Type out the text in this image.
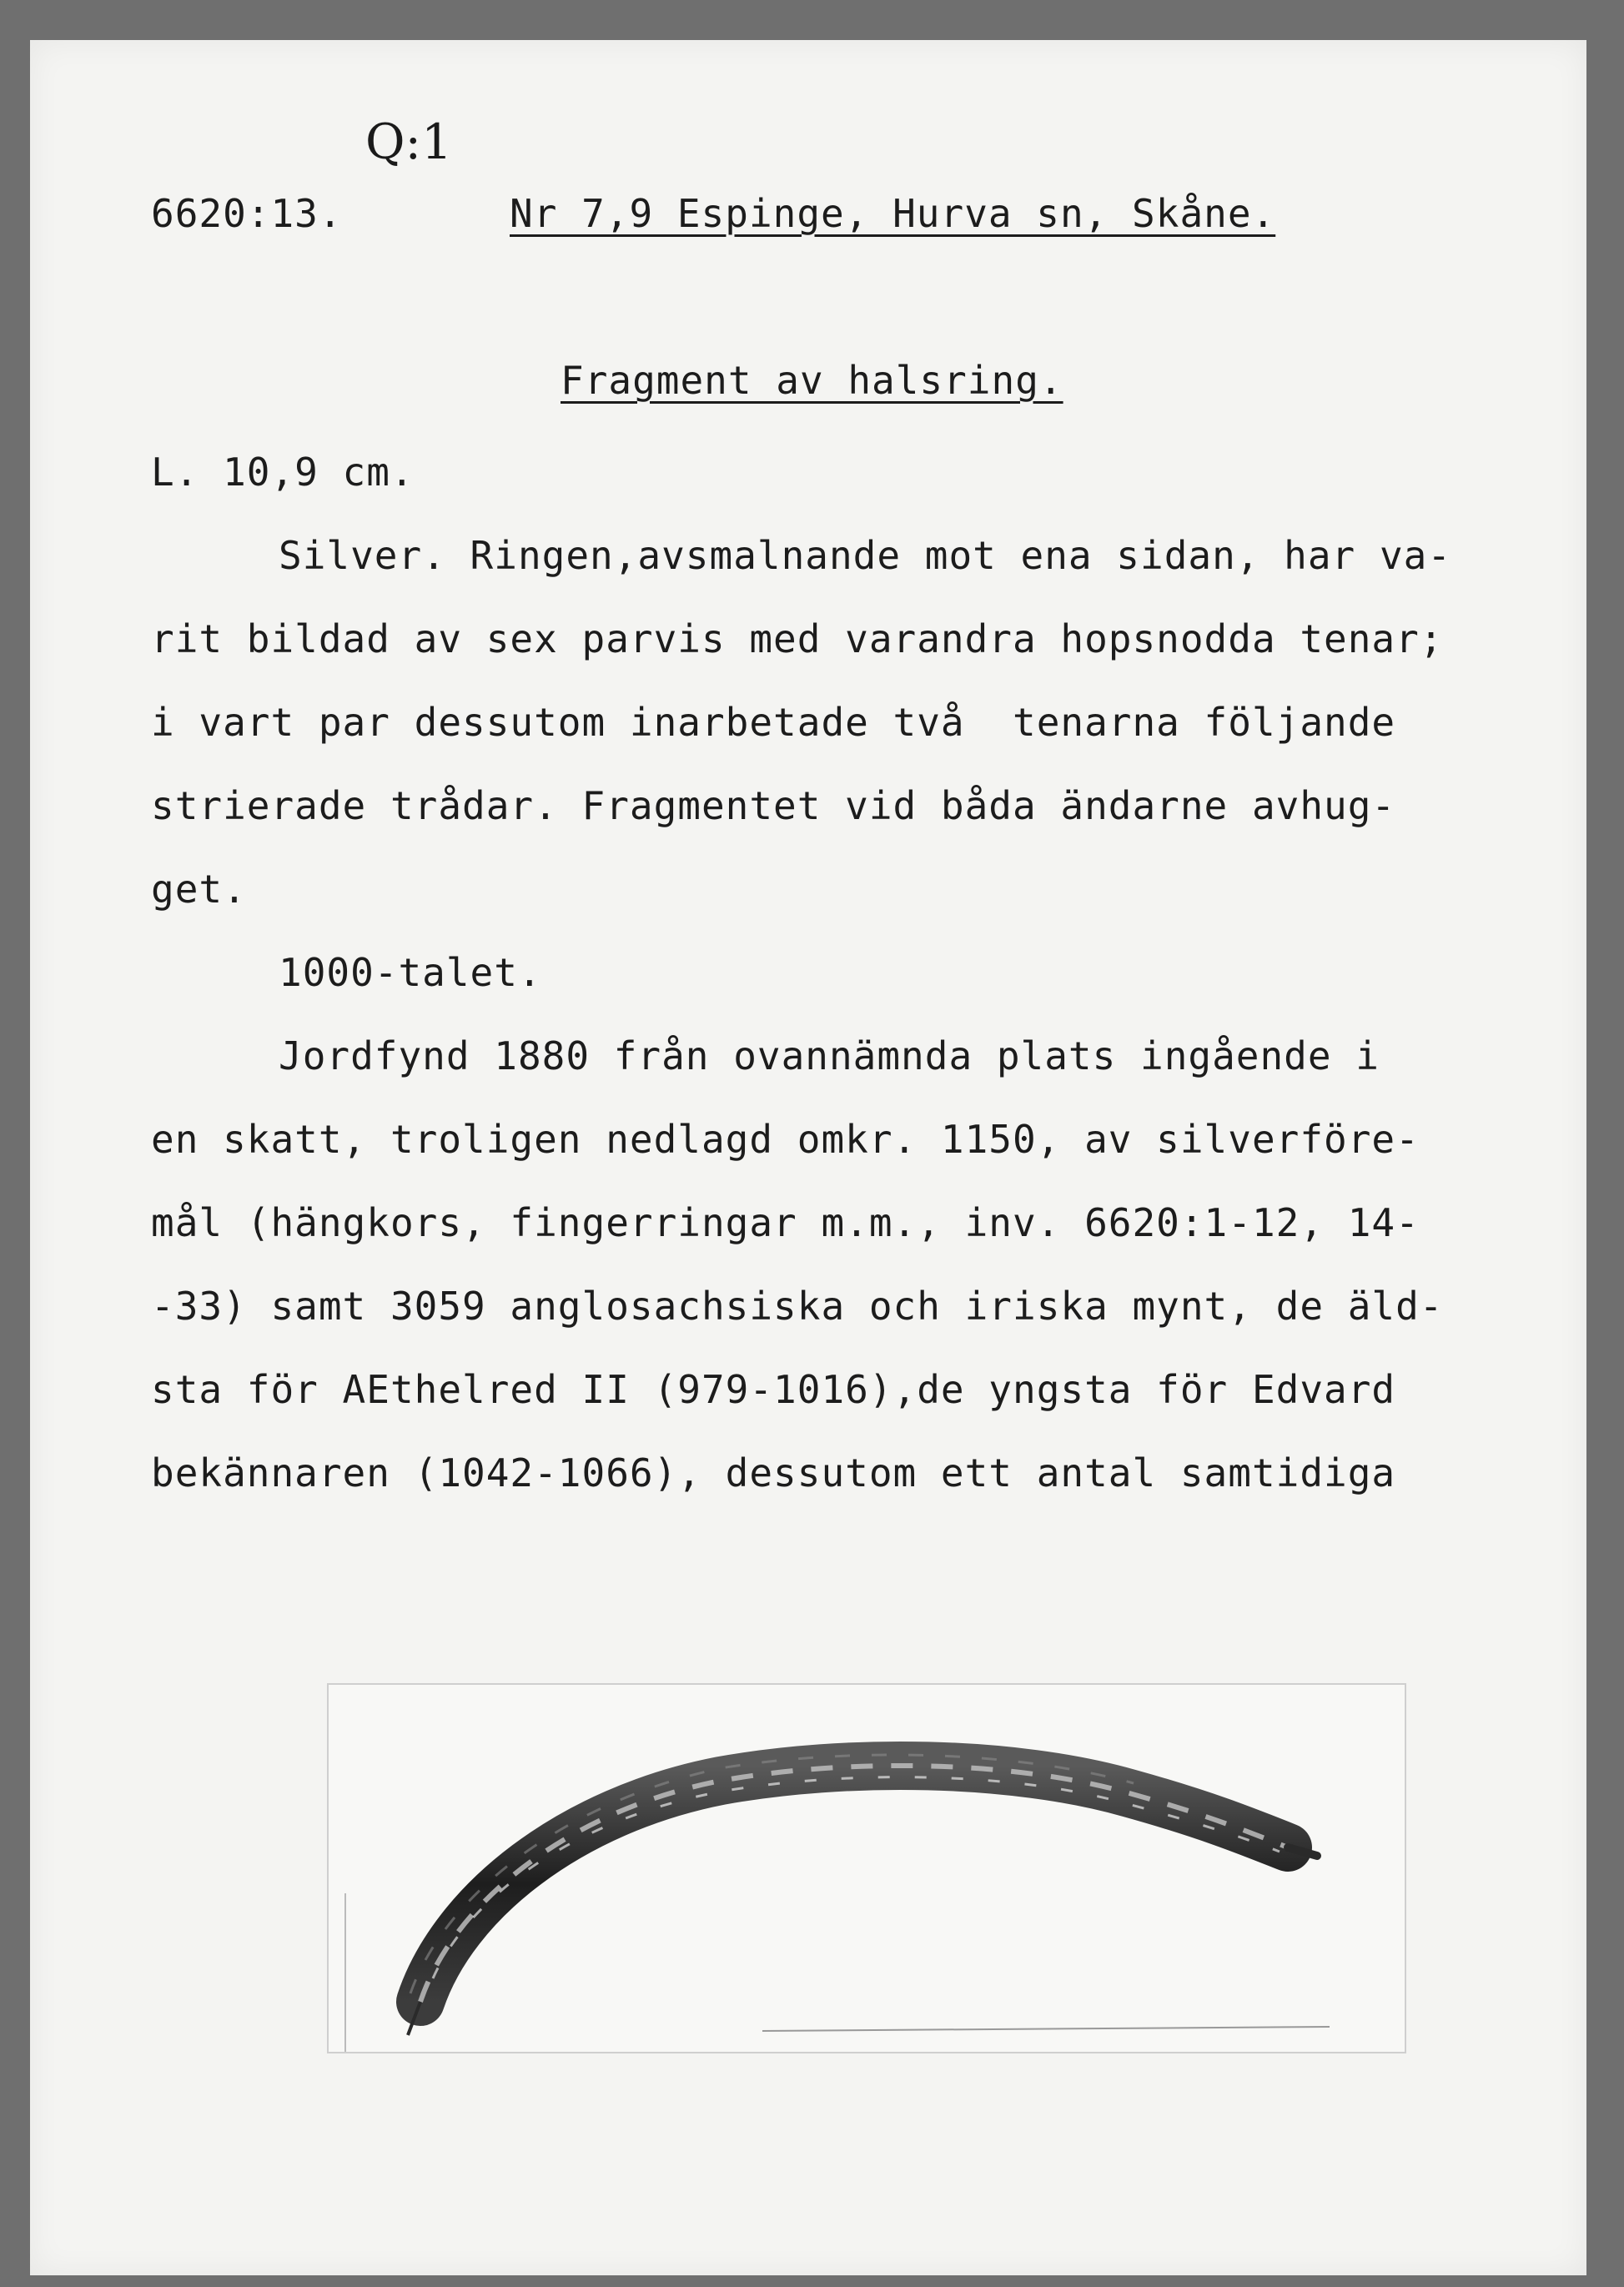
Q:1
6620:13.	Nr 7,9 Espinge, Hurva sn, Skåne.
Fragment av halsring.
L. 10,9 cm.
Silver. Ringen,avsmalnande mot ena sidan, har va-
rit bildad av sex parvis med varandra hopsnodda tenar;
i vart par dessutom inarbetade två  tenarna följande
strierade trådar. Fragmentet vid båda ändarne avhug-
get.
1000-talet.
Jordfynd 1880 från ovannämnda plats ingående i
en skatt, troligen nedlagd omkr. 1150, av silverföre-
mål (hängkors, fingerringar m.m., inv. 6620:1-12, 14-
-33) samt 3059 anglosachsiska och iriska mynt, de äld-
sta för AEthelred II (979-1016),de yngsta för Edvard
bekännaren (1042-1066), dessutom ett antal samtidiga
